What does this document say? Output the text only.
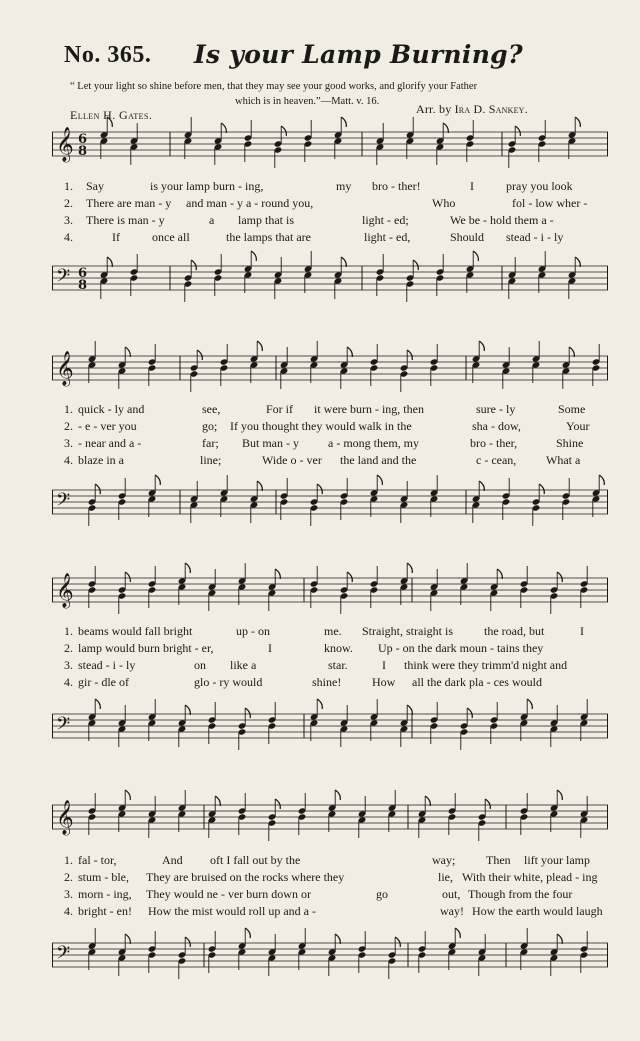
No. 365. Is your Lamp Burning?
“ Let your light so shine before men, that they may see your good works, and glorify your Father
which is in heaven.”—Matt. v. 16.
Ellen H. Gates.	Arr. by Ira D. Sankey.
𝄞 6
8
𝄢 6
8
1. Say	is your lamp burn - ing,	my bro - ther!	I	pray you look
2. There are man - y and man - y a - round you,	Who	fol - low wher -
3. There is man - y	a lamp that is	light - ed;	We be - hold them a -
4.	If	once all	the lamps that are	light - ed,	Should stead - i - ly
𝄞
𝄢
1. quick - ly and	see,	For if it were burn - ing, then	sure - ly	Some
2. - e - ver you	go; If you thought they would walk in the	sha - dow,	Your
3. - near and a -	far; But man - y a - mong them, my	bro - ther,	Shine
4. blaze in a	line;	Wide o - ver the land and the	c - cean, What a
𝄞
𝄢
1. beams would fall bright	up - on	me. Straight, straight is	the road, but	I
2. lamp would burn bright - er,	I	know. Up - on the dark moun - tains they
3. stead - i - ly	on like a	star.	I think were they trimm'd night and
4. gir - dle of	glo - ry would	shine!	How all the dark pla - ces would
𝄞
𝄢
1. fal - tor,	And oft I fall out by the	way;	Then lift your lamp
2. stum - ble, They are bruised on the rocks where they	lie, With their white, plead - ing
3. morn - ing, They would ne - ver burn down or	go	out, Though from the four
4. bright - en! How the mist would roll up and a -	way! How the earth would laugh
